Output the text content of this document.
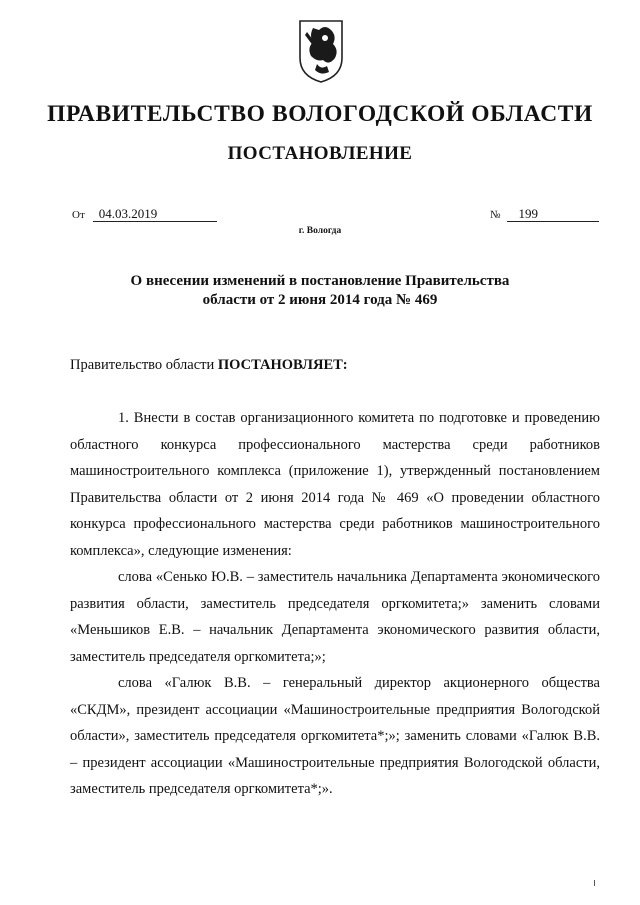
ПРАВИТЕЛЬСТВО ВОЛОГОДСКОЙ ОБЛАСТИ
ПОСТАНОВЛЕНИЕ
От 04.03.2019	№ 199
г. Вологда
О внесении изменений в постановление Правительства
области от 2 июня 2014 года № 469
Правительство области ПОСТАНОВЛЯЕТ:

1. Внести в состав организационного комитета по подготовке и проведению областного конкурса профессионального мастерства среди работников машиностроительного комплекса (приложение 1), утвержденный постановлением Правительства области от 2 июня 2014 года № 469 «О проведении областного конкурса профессионального мастерства среди работников машиностроительного комплекса», следующие изменения:

слова «Сенько Ю.В. – заместитель начальника Департамента экономического развития области, заместитель председателя оргкомитета;» заменить словами «Меньшиков Е.В. – начальник Департамента экономического развития области, заместитель председателя оргкомитета;»;

слова «Галюк В.В. – генеральный директор акционерного общества «СКДМ», президент ассоциации «Машиностроительные предприятия Вологодской области», заместитель председателя оргкомитета*;»; заменить словами «Галюк В.В. – президент ассоциации «Машиностроительные предприятия Вологодской области, заместитель председателя оргкомитета*;».
